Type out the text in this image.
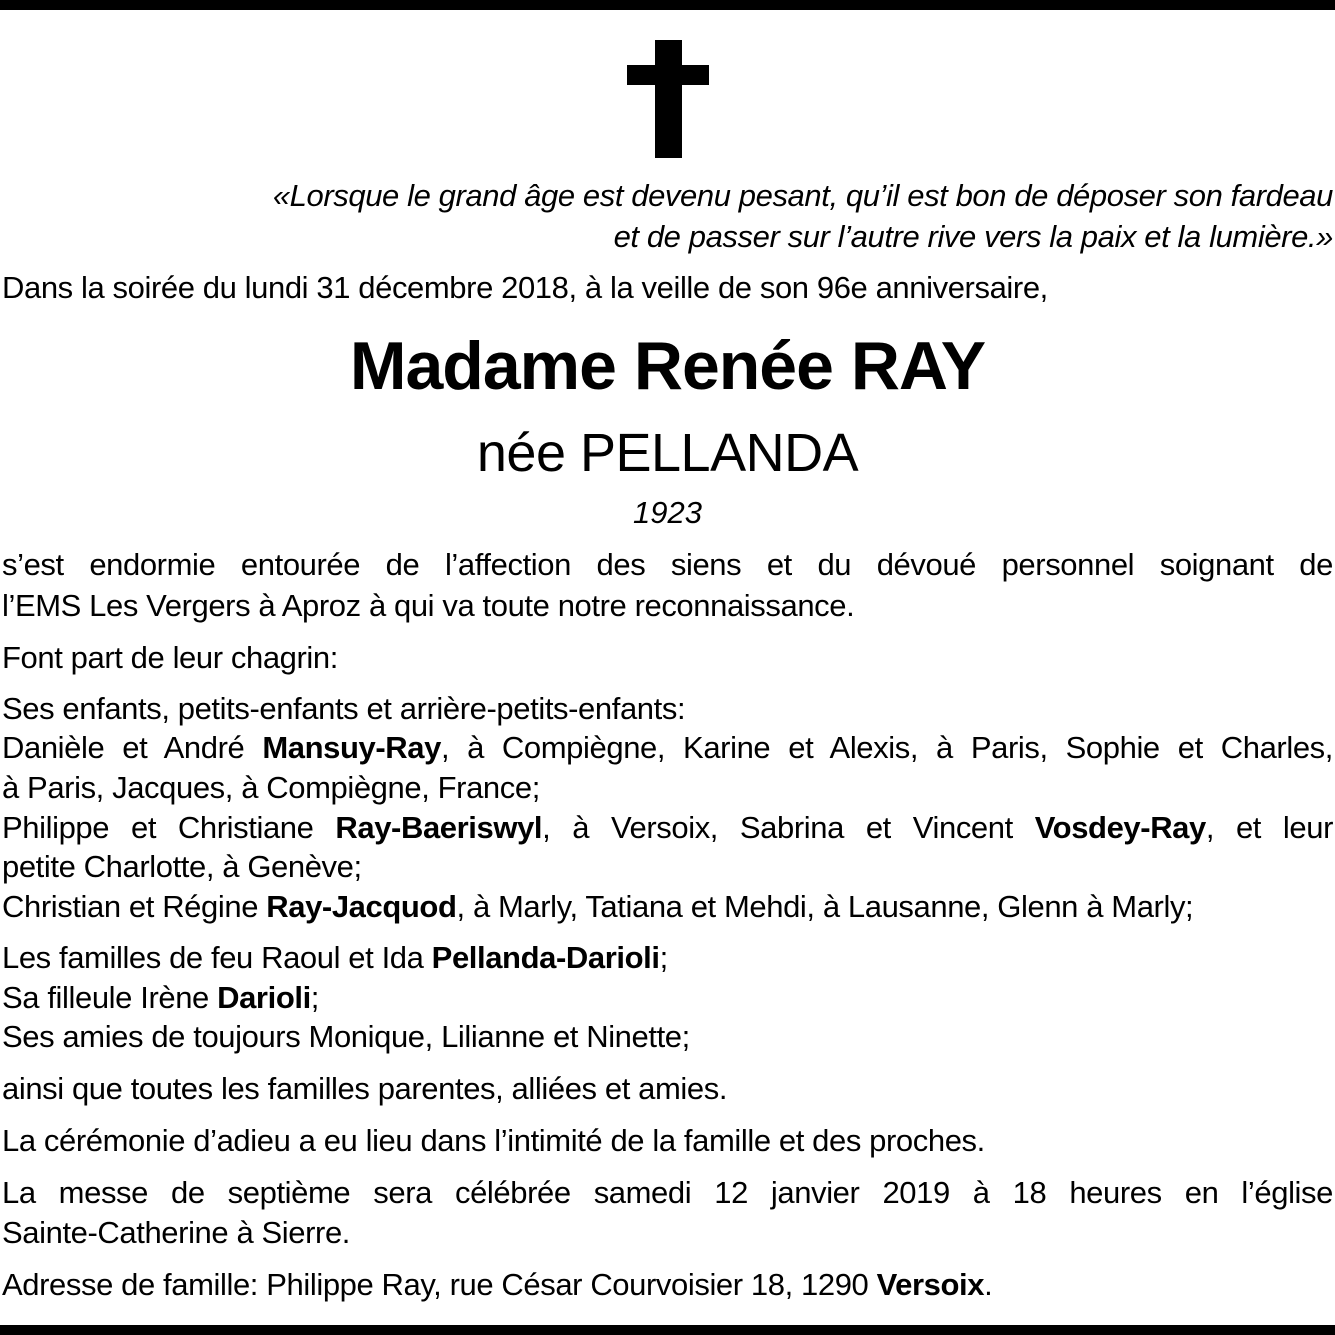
«Lorsque le grand âge est devenu pesant, qu’il est bon de déposer son fardeau
et de passer sur l’autre rive vers la paix et la lumière.»
Dans la soirée du lundi 31 décembre 2018, à la veille de son 96e anniversaire,
Madame Renée RAY
née PELLANDA
1923
s’est endormie entourée de l’affection des siens et du dévoué personnel soignant de
l’EMS Les Vergers à Aproz à qui va toute notre reconnaissance.
Font part de leur chagrin:
Ses enfants, petits-enfants et arrière-petits-enfants:
Danièle et André Mansuy-Ray, à Compiègne, Karine et Alexis, à Paris, Sophie et Charles,
à Paris, Jacques, à Compiègne, France;
Philippe et Christiane Ray-Baeriswyl, à Versoix, Sabrina et Vincent Vosdey-Ray, et leur
petite Charlotte, à Genève;
Christian et Régine Ray-Jacquod, à Marly, Tatiana et Mehdi, à Lausanne, Glenn à Marly;
Les familles de feu Raoul et Ida Pellanda-Darioli;
Sa filleule Irène Darioli;
Ses amies de toujours Monique, Lilianne et Ninette;
ainsi que toutes les familles parentes, alliées et amies.
La cérémonie d’adieu a eu lieu dans l’intimité de la famille et des proches.
La messe de septième sera célébrée samedi 12 janvier 2019 à 18 heures en l’église
Sainte-Catherine à Sierre.
Adresse de famille: Philippe Ray, rue César Courvoisier 18, 1290 Versoix.
